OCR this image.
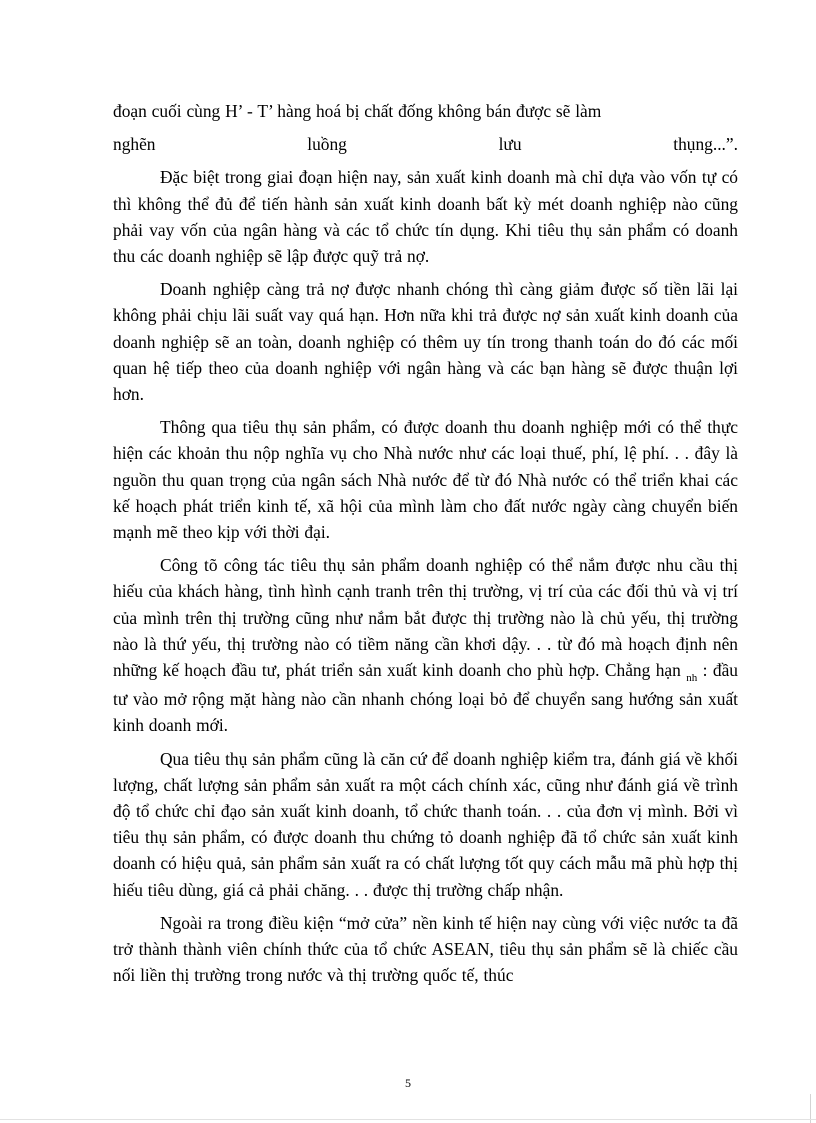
đoạn cuối cùng H’ - T’ hàng hoá bị chất đống không bán được sẽ làm

nghẽn	luồng	lưu	thụng...”.

Đặc biệt trong giai đoạn hiện nay, sản xuất kinh doanh mà chỉ dựa vào vốn tự có thì không thể đủ để tiến hành sản xuất kinh doanh bất kỳ mét doanh nghiệp nào cũng phải vay vốn của ngân hàng và các tổ chức tín dụng. Khi tiêu thụ sản phẩm có doanh thu các doanh nghiệp sẽ lập được quỹ trả nợ.

Doanh nghiệp càng trả nợ được nhanh chóng thì càng giảm được số tiền lãi lại không phải chịu lãi suất vay quá hạn. Hơn nữa khi trả được nợ sản xuất kinh doanh của doanh nghiệp sẽ an toàn, doanh nghiệp có thêm uy tín trong thanh toán do đó các mối quan hệ tiếp theo của doanh nghiệp với ngân hàng và các bạn hàng sẽ được thuận lợi hơn.

Thông qua tiêu thụ sản phẩm, có được doanh thu doanh nghiệp mới có thể thực hiện các khoản thu nộp nghĩa vụ cho Nhà nước như các loại thuế, phí, lệ phí. . . đây là nguồn thu quan trọng của ngân sách Nhà nước để từ đó Nhà nước có thể triển khai các kế hoạch phát triển kinh tế, xã hội của mình làm cho đất nước ngày càng chuyển biến mạnh mẽ theo kịp với thời đại.

Công tõ công tác tiêu thụ sản phẩm doanh nghiệp có thể nắm được nhu cầu thị hiếu của khách hàng, tình hình cạnh tranh trên thị trường, vị trí của các đối thủ và vị trí của mình trên thị trường cũng như nắm bắt được thị trường nào là chủ yếu, thị trường nào là thứ yếu, thị trường nào có tiềm năng cần khơi dậy. . . từ đó mà hoạch định nên những kế hoạch đầu tư, phát triển sản xuất kinh doanh cho phù hợp. Chẳng hạn $_{nh}$ : đầu tư vào mở rộng mặt hàng nào cần nhanh chóng loại bỏ để chuyển sang hướng sản xuất kinh doanh mới.

Qua tiêu thụ sản phẩm cũng là căn cứ để doanh nghiệp kiểm tra, đánh giá về khối lượng, chất lượng sản phẩm sản xuất ra một cách chính xác, cũng như đánh giá về trình độ tổ chức chỉ đạo sản xuất kinh doanh, tổ chức thanh toán. . . của đơn vị mình. Bởi vì tiêu thụ sản phẩm, có được doanh thu chứng tỏ doanh nghiệp đã tổ chức sản xuất kinh doanh có hiệu quả, sản phẩm sản xuất ra có chất lượng tốt quy cách mẫu mã phù hợp thị hiếu tiêu dùng, giá cả phải chăng. . . được thị trường chấp nhận.

Ngoài ra trong điều kiện “mở cửa” nền kinh tế hiện nay cùng với việc nước ta đã trở thành thành viên chính thức của tổ chức ASEAN, tiêu thụ sản phẩm sẽ là chiếc cầu nối liền thị trường trong nước và thị trường quốc tế, thúc

5
